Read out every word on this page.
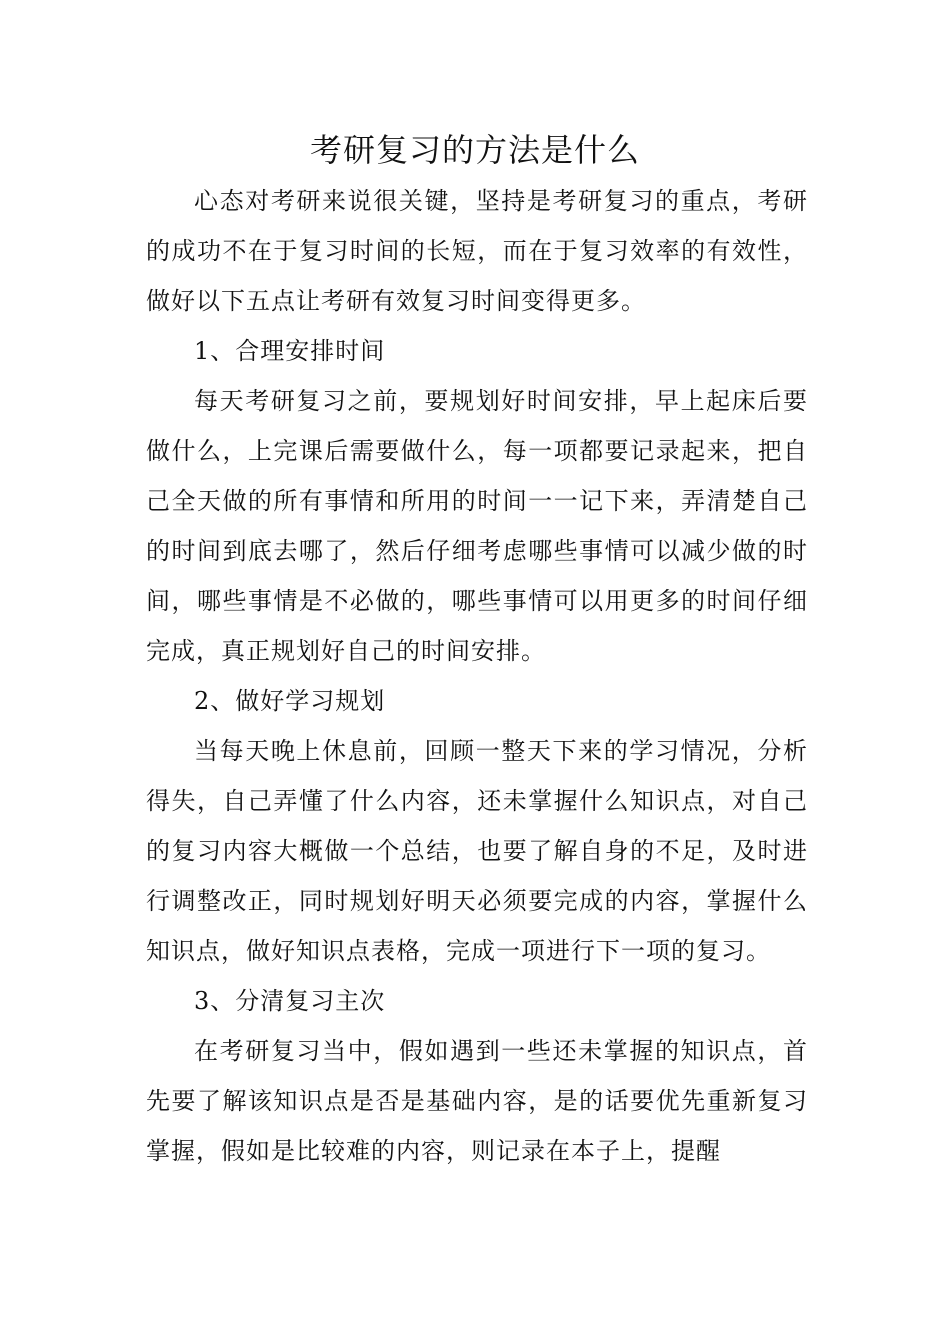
考研复习的方法是什么

心态对考研来说很关键，坚持是考研复习的重点，考研的成功不在于复习时间的长短，而在于复习效率的有效性，做好以下五点让考研有效复习时间变得更多。

1、合理安排时间

每天考研复习之前，要规划好时间安排，早上起床后要做什么，上完课后需要做什么，每一项都要记录起来，把自己全天做的所有事情和所用的时间一一记下来，弄清楚自己的时间到底去哪了，然后仔细考虑哪些事情可以减少做的时间，哪些事情是不必做的，哪些事情可以用更多的时间仔细完成，真正规划好自己的时间安排。

2、做好学习规划

当每天晚上休息前，回顾一整天下来的学习情况，分析得失，自己弄懂了什么内容，还未掌握什么知识点，对自己的复习内容大概做一个总结，也要了解自身的不足，及时进行调整改正，同时规划好明天必须要完成的内容，掌握什么知识点，做好知识点表格，完成一项进行下一项的复习。

3、分清复习主次

在考研复习当中，假如遇到一些还未掌握的知识点，首先要了解该知识点是否是基础内容，是的话要优先重新复习掌握，假如是比较难的内容，则记录在本子上，提醒
